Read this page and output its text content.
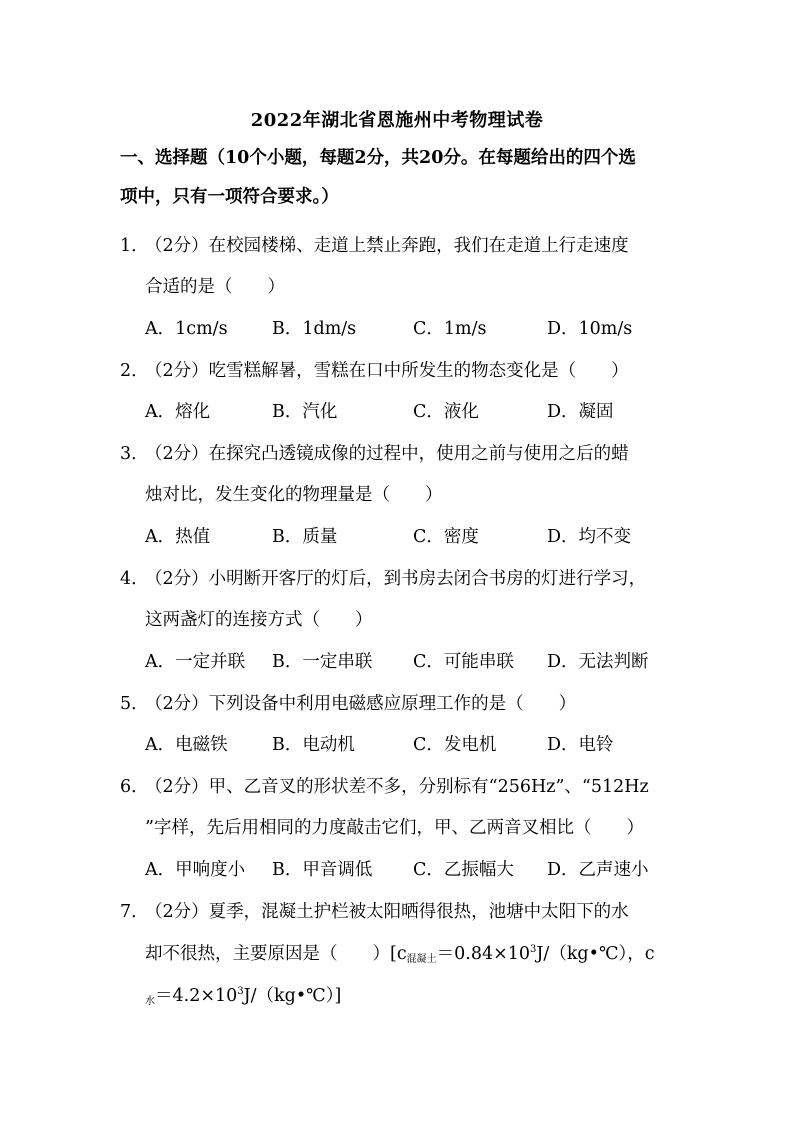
2022年湖北省恩施州中考物理试卷
一、选择题（10个小题，每题2分，共20分。在每题给出的四个选
项中，只有一项符合要求。）
1．
（2分）在校园楼梯、走道上禁止奔跑，我们在走道上行走速度
合适的是（　　）
A．1cm/s	B．1dm/s	C．1m/s	D．10m/s
2．
（2分）吃雪糕解暑，雪糕在口中所发生的物态变化是（　　）
A．熔化	B．汽化	C．液化	D．凝固
3．
（2分）在探究凸透镜成像的过程中，使用之前与使用之后的蜡
烛对比，发生变化的物理量是（　　）
A．热值	B．质量	C．密度	D．均不变
4．
（2分）小明断开客厅的灯后，到书房去闭合书房的灯进行学习，
这两盏灯的连接方式（　　）
A．一定并联 B．一定串联 C．可能串联 D．无法判断
5．
（2分）下列设备中利用电磁感应原理工作的是（　　）
A．电磁铁	B．电动机	C．发电机	D．电铃
6．
（2分）甲、乙音叉的形状差不多，分别标有“256Hz”、“512Hz
”字样，先后用相同的力度敲击它们，甲、乙两音叉相比（　　）
A．甲响度小 B．甲音调低 C．乙振幅大 D．乙声速小
7．
（2分）夏季，混凝土护栏被太阳晒得很热，池塘中太阳下的水
却不很热，主要原因是（　　）[$c_{混凝土}=0.84\times 10^3J/(kg•℃)$，c
$_水=4.2\times 10^3J/(kg•℃)$]
